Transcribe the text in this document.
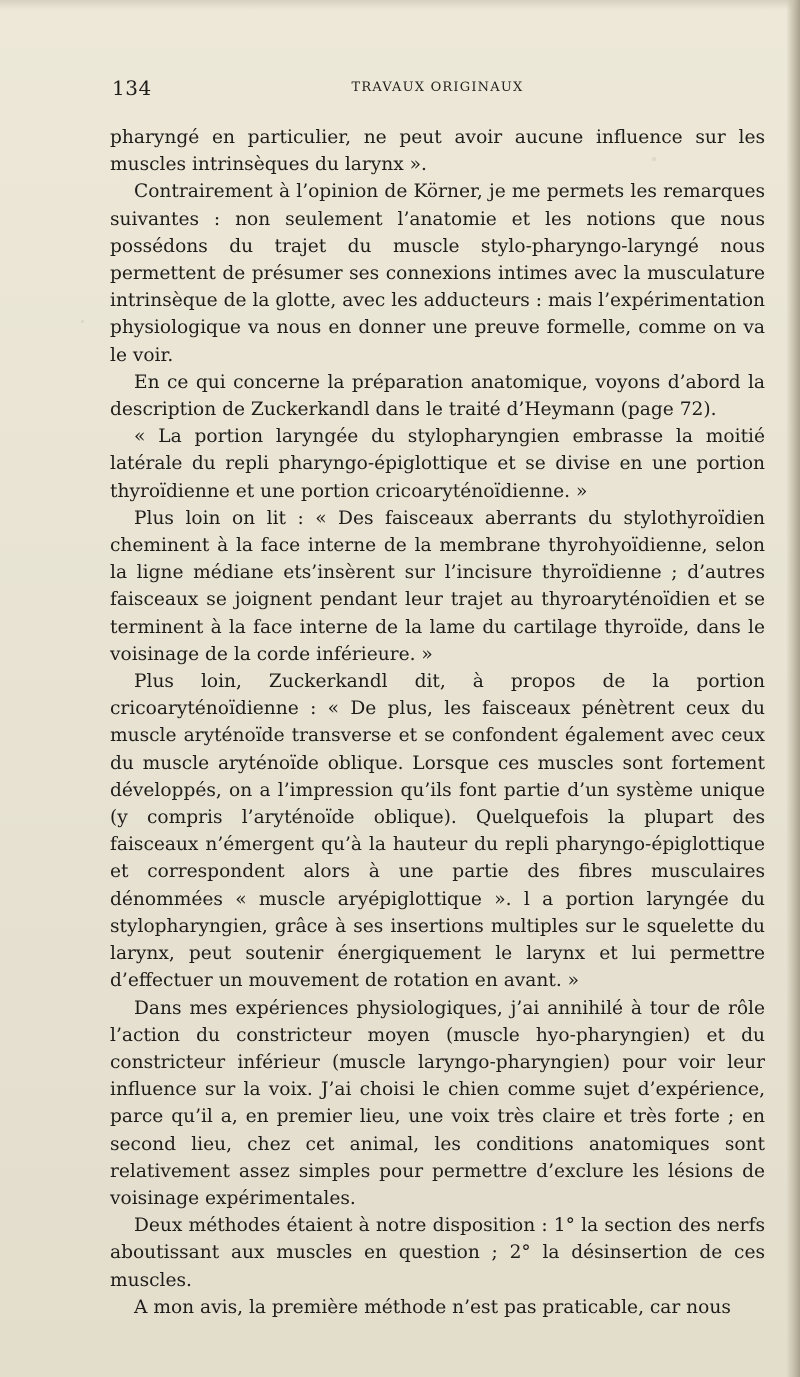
134	TRAVAUX ORIGINAUX

pharyngé en particulier, ne peut avoir aucune influence sur les muscles intrinsèques du larynx ».

Contrairement à l’opinion de Körner, je me permets les remarques suivantes : non seulement l’anatomie et les notions que nous possédons du trajet du muscle stylo-pharyngo-laryngé nous permettent de présumer ses connexions intimes avec la musculature intrinsèque de la glotte, avec les adducteurs : mais l’expérimentation physiologique va nous en donner une preuve formelle, comme on va le voir.

En ce qui concerne la préparation anatomique, voyons d’abord la description de Zuckerkandl dans le traité d’Heymann (page 72).

« La portion laryngée du stylopharyngien embrasse la moitié latérale du repli pharyngo-épiglottique et se divise en une portion thyroïdienne et une portion cricoaryténoïdienne. »

Plus loin on lit : « Des faisceaux aberrants du stylothyroïdien cheminent à la face interne de la membrane thyrohyoïdienne, selon la ligne médiane ets’insèrent sur l’incisure thyroïdienne ; d’autres faisceaux se joignent pendant leur trajet au thyroaryténoïdien et se terminent à la face interne de la lame du cartilage thyroïde, dans le voisinage de la corde inférieure. »

Plus loin, Zuckerkandl dit, à propos de la portion cricoaryténoïdienne : « De plus, les faisceaux pénètrent ceux du muscle aryténoïde transverse et se confondent également avec ceux du muscle aryténoïde oblique. Lorsque ces muscles sont fortement développés, on a l’impression qu’ils font partie d’un système unique (y compris l’aryténoïde oblique). Quelquefois la plupart des faisceaux n’émergent qu’à la hauteur du repli pharyngo-épiglottique et correspondent alors à une partie des fibres musculaires dénommées « muscle aryépiglottique ». l a portion laryngée du stylopharyngien, grâce à ses insertions multiples sur le squelette du larynx, peut soutenir énergiquement le larynx et lui permettre d’effectuer un mouvement de rotation en avant. »

Dans mes expériences physiologiques, j’ai annihilé à tour de rôle l’action du constricteur moyen (muscle hyo-pharyngien) et du constricteur inférieur (muscle laryngo-pharyngien) pour voir leur influence sur la voix. J’ai choisi le chien comme sujet d’expérience, parce qu’il a, en premier lieu, une voix très claire et très forte ; en second lieu, chez cet animal, les conditions anatomiques sont relativement assez simples pour permettre d’exclure les lésions de voisinage expérimentales.

Deux méthodes étaient à notre disposition : 1° la section des nerfs aboutissant aux muscles en question ; 2° la désinsertion de ces muscles.

A mon avis, la première méthode n’est pas praticable, car nous
